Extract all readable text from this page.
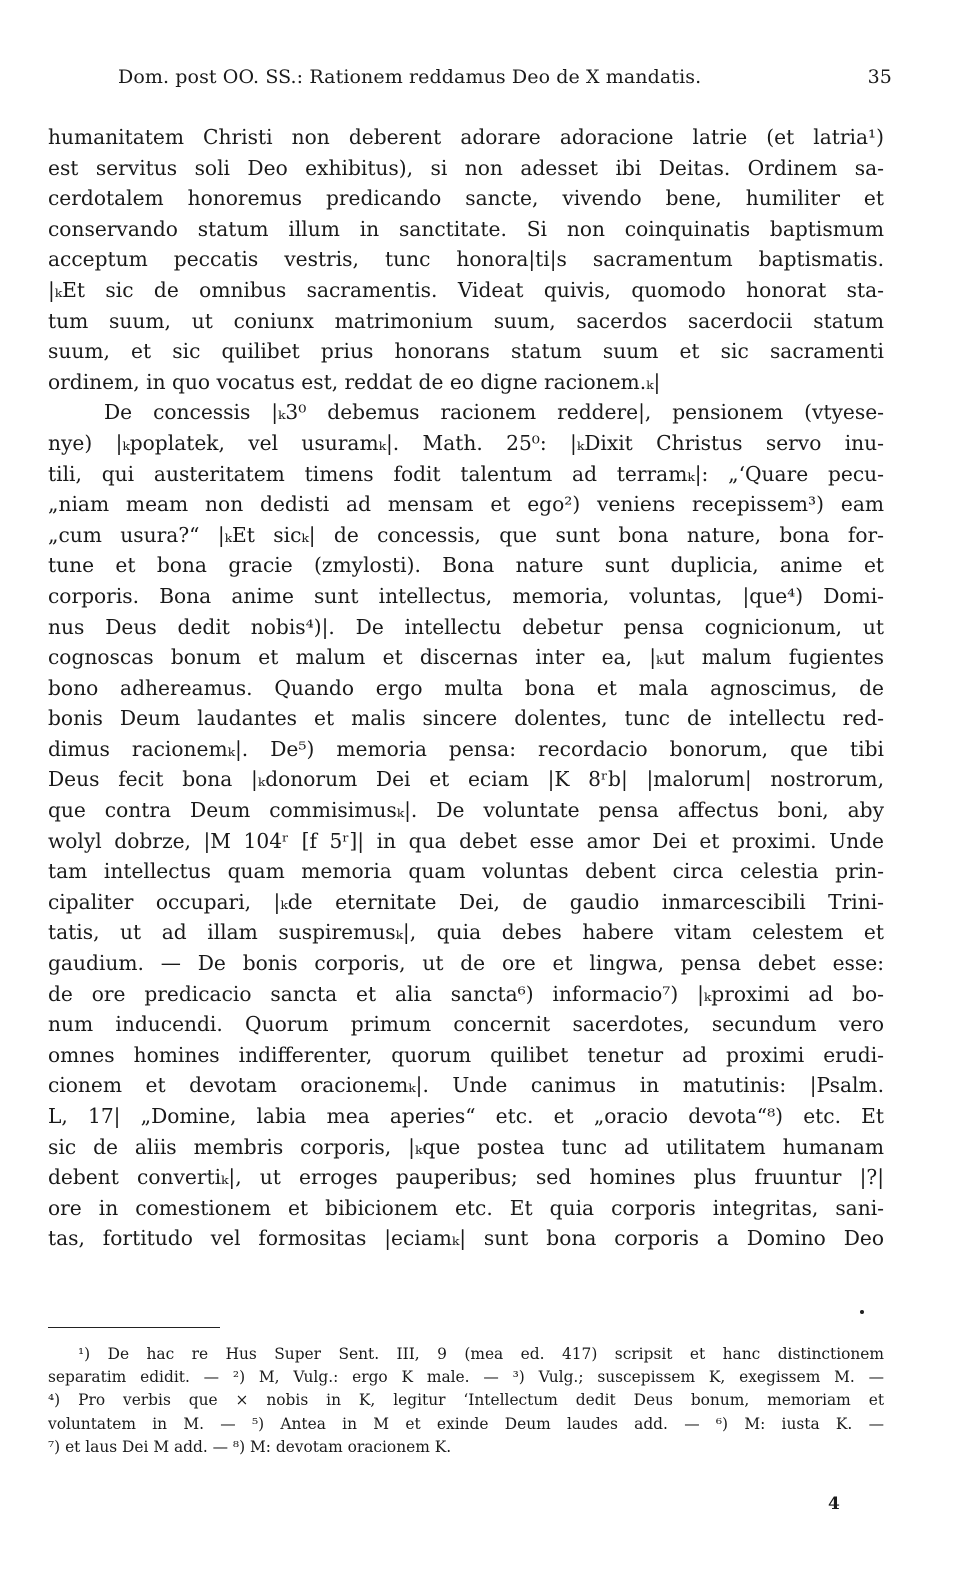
Dom. post OO. SS.: Rationem reddamus Deo de X mandatis.	35
humanitatem Christi non deberent adorare adoracione latrie (et latria¹)
est servitus soli Deo exhibitus), si non adesset ibi Deitas. Ordinem sa-
cerdotalem honoremus predicando sancte, vivendo bene, humiliter et
conservando statum illum in sanctitate. Si non coinquinatis baptismum
acceptum peccatis vestris, tunc honora|ti|s sacramentum baptismatis.
|ₖEt sic de omnibus sacramentis. Videat quivis, quomodo honorat sta-
tum suum, ut coniunx matrimonium suum, sacerdos sacerdocii statum
suum, et sic quilibet prius honorans statum suum et sic sacramenti
ordinem, in quo vocatus est, reddat de eo digne racionem.ₖ|
De concessis |ₖ3⁰ debemus racionem reddere|, pensionem (vtyese-
nye) |ₖpoplatek, vel usuramₖ|. Math. 25⁰: |ₖDixit Christus servo inu-
tili, qui austeritatem timens fodit talentum ad terramₖ|: „‘Quare pecu-
„niam meam non dedisti ad mensam et ego²) veniens recepissem³) eam
„cum usura?“ |ₖEt sicₖ| de concessis, que sunt bona nature, bona for-
tune et bona gracie (zmylosti). Bona nature sunt duplicia, anime et
corporis. Bona anime sunt intellectus, memoria, voluntas, |que⁴) Domi-
nus Deus dedit nobis⁴)|. De intellectu debetur pensa cognicionum, ut
cognoscas bonum et malum et discernas inter ea, |ₖut malum fugientes
bono adhereamus. Quando ergo multa bona et mala agnoscimus, de
bonis Deum laudantes et malis sincere dolentes, tunc de intellectu red-
dimus racionemₖ|. De⁵) memoria pensa: recordacio bonorum, que tibi
Deus fecit bona |ₖdonorum Dei et eciam |K 8ʳb| |malorum| nostrorum,
que contra Deum commisimusₖ|. De voluntate pensa affectus boni, aby
wolyl dobrze, |M 104ʳ [f 5ʳ]| in qua debet esse amor Dei et proximi. Unde
tam intellectus quam memoria quam voluntas debent circa celestia prin-
cipaliter occupari, |ₖde eternitate Dei, de gaudio inmarcescibili Trini-
tatis, ut ad illam suspiremusₖ|, quia debes habere vitam celestem et
gaudium. — De bonis corporis, ut de ore et lingwa, pensa debet esse:
de ore predicacio sancta et alia sancta⁶) informacio⁷) |ₖproximi ad bo-
num inducendi. Quorum primum concernit sacerdotes, secundum vero
omnes homines indifferenter, quorum quilibet tenetur ad proximi erudi-
cionem et devotam oracionemₖ|. Unde canimus in matutinis: |Psalm.
L, 17| „Domine, labia mea aperies“ etc. et „oracio devota“⁸) etc. Et
sic de aliis membris corporis, |ₖque postea tunc ad utilitatem humanam
debent convertiₖ|, ut erroges pauperibus; sed homines plus fruuntur |?|
ore in comestionem et bibicionem etc. Et quia corporis integritas, sani-
tas, fortitudo vel formositas |eciamₖ| sunt bona corporis a Domino Deo
¹) De hac re Hus Super Sent. III, 9 (mea ed. 417) scripsit et hanc distinctionem
separatim edidit. — ²) M, Vulg.: ergo K male. — ³) Vulg.; suscepissem K, exegissem M. —
⁴) Pro verbis que × nobis in K, legitur ‘Intellectum dedit Deus bonum, memoriam et
voluntatem in M. — ⁵) Antea in M et exinde Deum laudes add. — ⁶) M: iusta K. —
⁷) et laus Dei M add. — ⁸) M: devotam oracionem K.
4
